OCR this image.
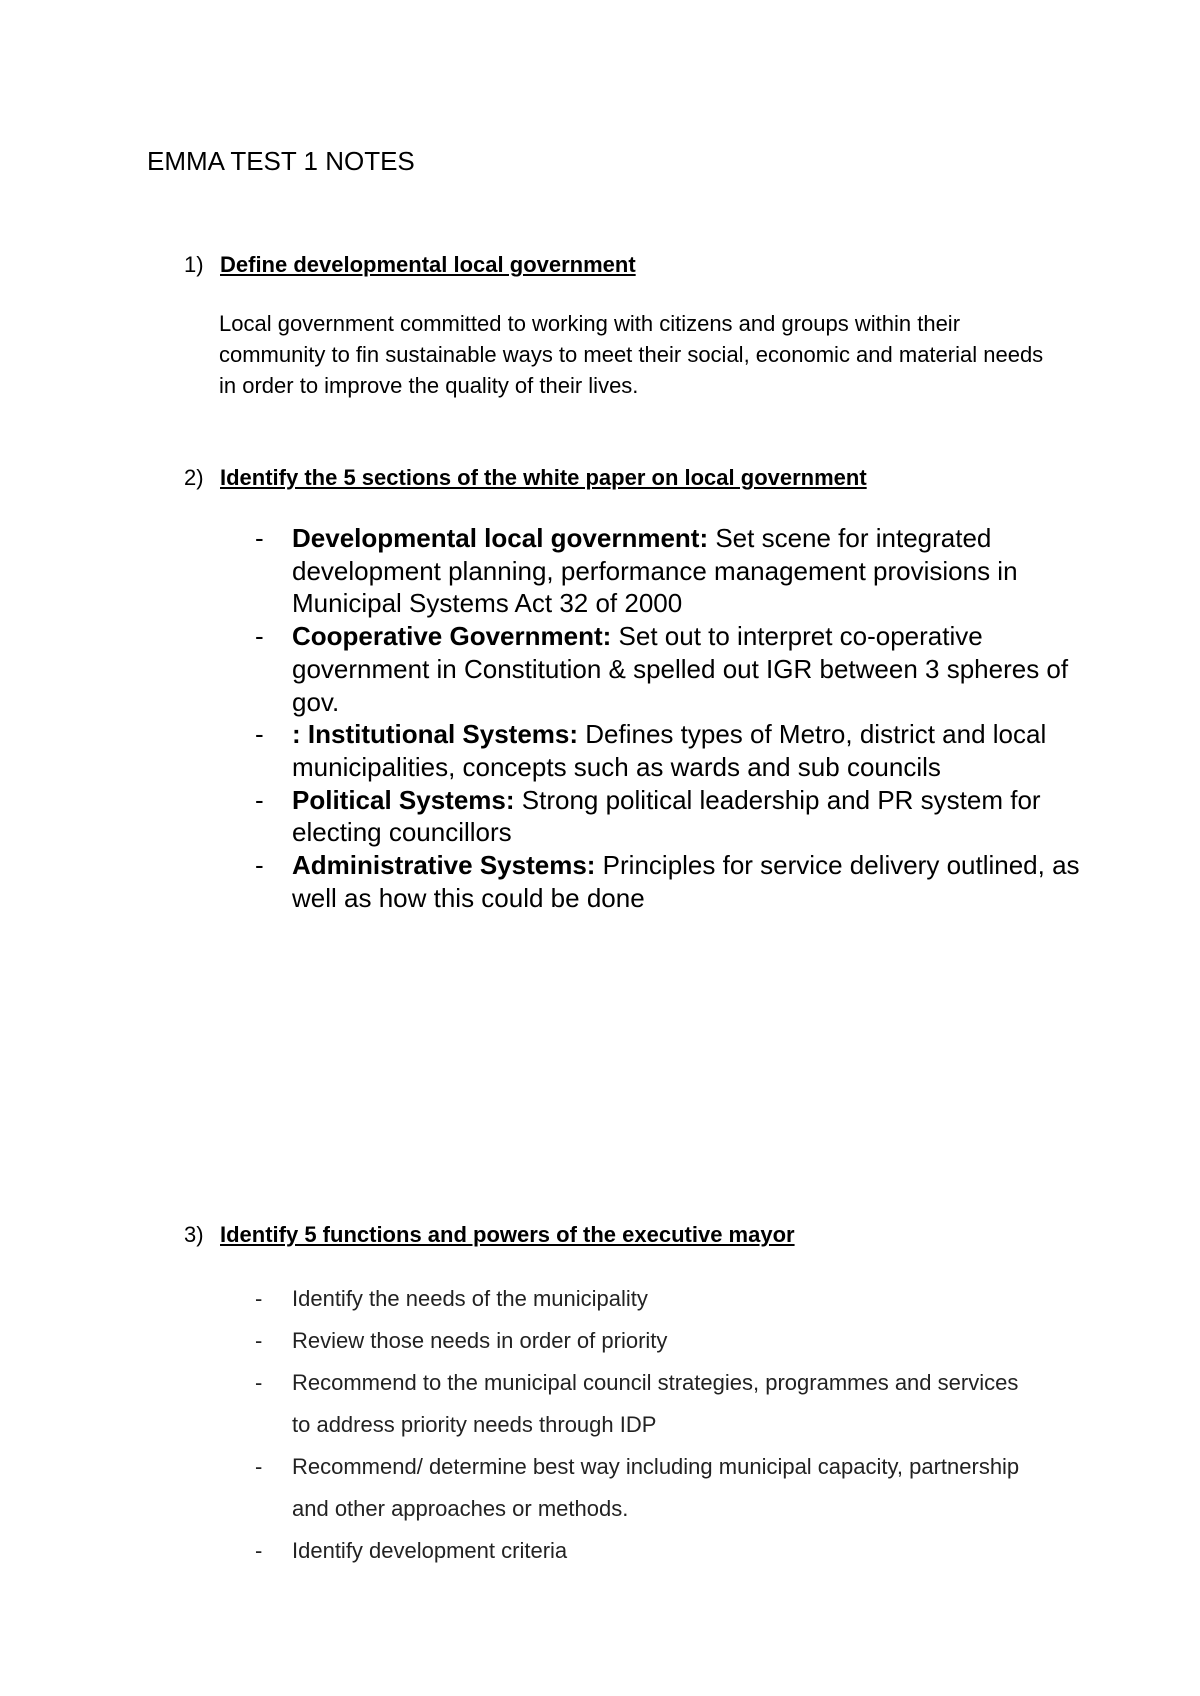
EMMA TEST 1 NOTES
1) Define developmental local government
Local government committed to working with citizens and groups within their community to fin sustainable ways to meet their social, economic and material needs in order to improve the quality of their lives.
2) Identify the 5 sections of the white paper on local government
- Developmental local government: Set scene for integrated development planning, performance management provisions in Municipal Systems Act 32 of 2000
- Cooperative Government: Set out to interpret co-operative government in Constitution & spelled out IGR between 3 spheres of gov.
- : Institutional Systems: Defines types of Metro, district and local municipalities, concepts such as wards and sub councils
- Political Systems: Strong political leadership and PR system for electing councillors
- Administrative Systems: Principles for service delivery outlined, as well as how this could be done
3) Identify 5 functions and powers of the executive mayor
- Identify the needs of the municipality
- Review those needs in order of priority
- Recommend to the municipal council strategies, programmes and services to address priority needs through IDP
- Recommend/ determine best way including municipal capacity, partnership and other approaches or methods.
- Identify development criteria
